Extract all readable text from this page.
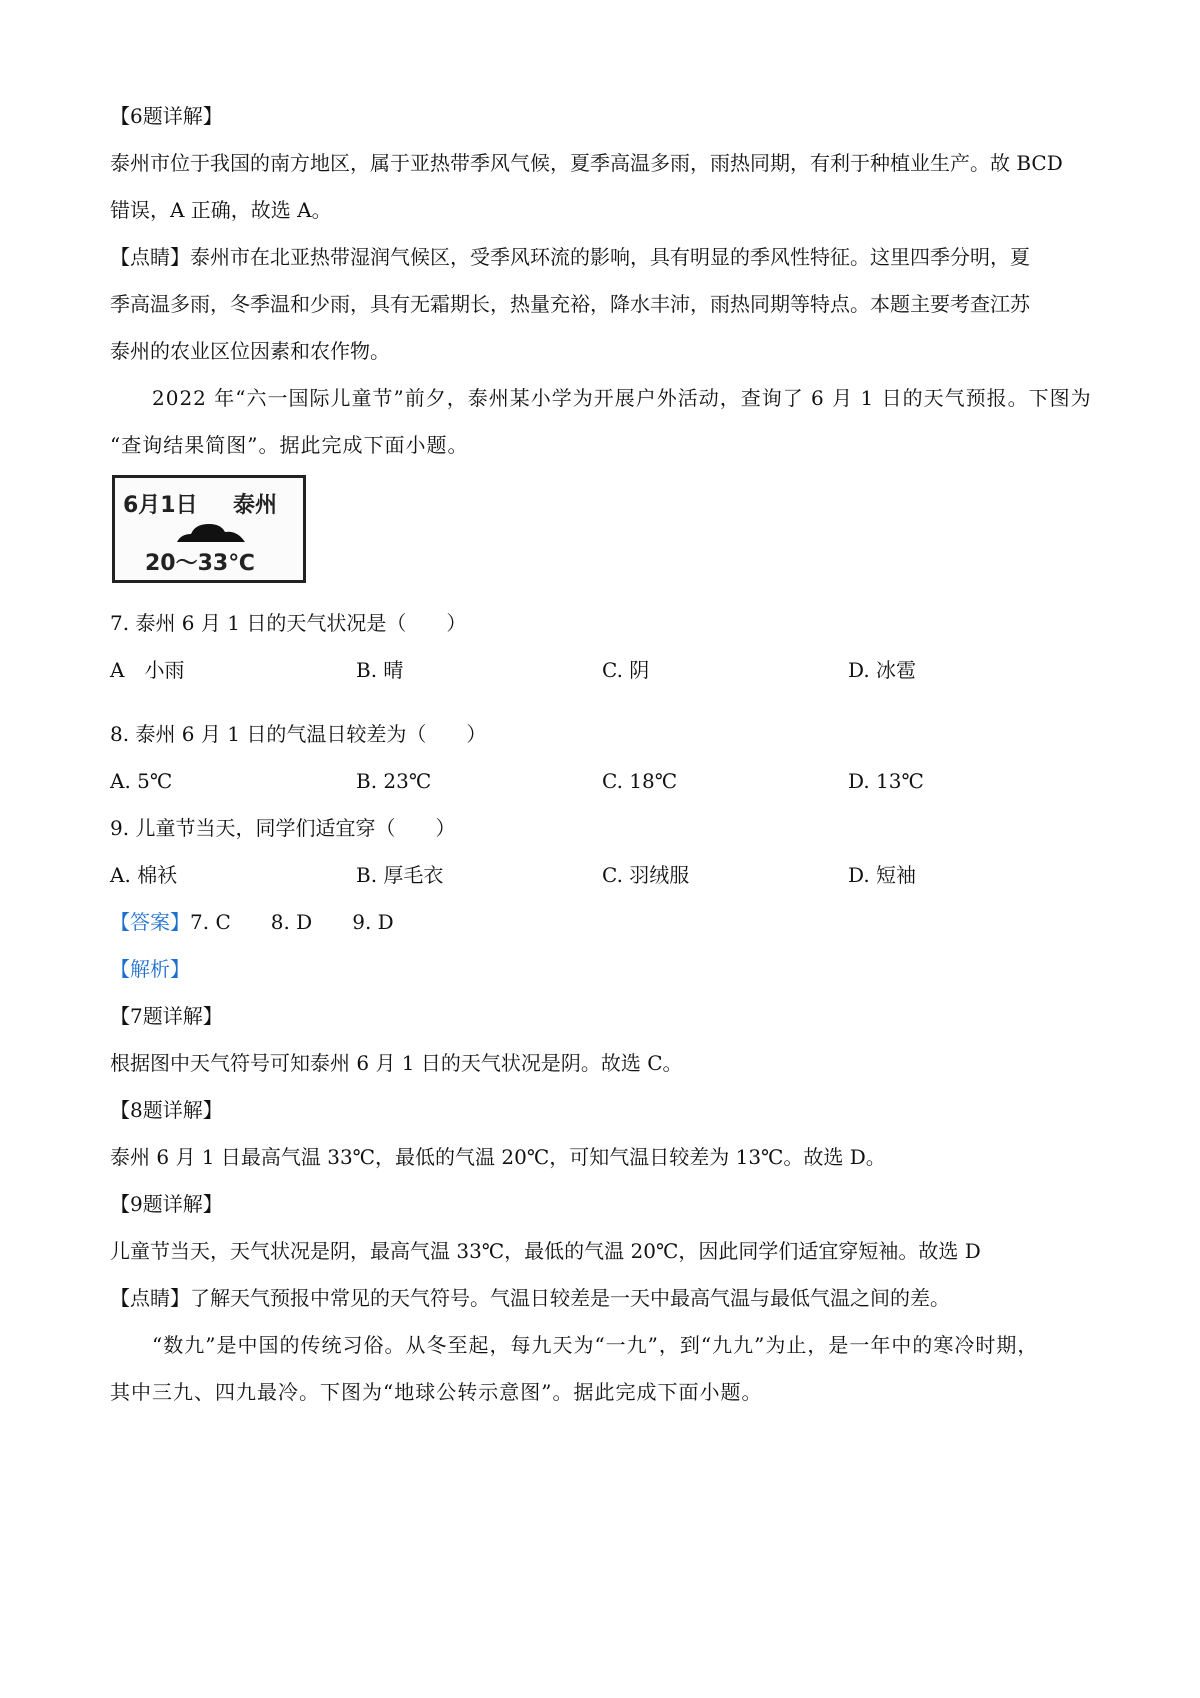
【6题详解】
泰州市位于我国的南方地区，属于亚热带季风气候，夏季高温多雨，雨热同期，有利于种植业生产。故 BCD
错误，A 正确，故选 A。
【点睛】泰州市在北亚热带湿润气候区，受季风环流的影响，具有明显的季风性特征。这里四季分明，夏
季高温多雨，冬季温和少雨，具有无霜期长，热量充裕，降水丰沛，雨热同期等特点。本题主要考查江苏
泰州的农业区位因素和农作物。
2022 年“六一国际儿童节”前夕，泰州某小学为开展户外活动，查询了 6 月 1 日的天气预报。下图为
“查询结果简图”。据此完成下面小题。
6月1日 泰州
20～33℃
7. 泰州 6 月 1 日的天气状况是（　　）
A　小雨	B. 晴	C. 阴	D. 冰雹
8. 泰州 6 月 1 日的气温日较差为（　　）
A. 5℃	B. 23℃	C. 18℃	D. 13℃
9. 儿童节当天，同学们适宜穿（　　）
A. 棉袄	B. 厚毛衣	C. 羽绒服	D. 短袖
【答案】7. C　　8. D　　9. D
【解析】
【7题详解】
根据图中天气符号可知泰州 6 月 1 日的天气状况是阴。故选 C。
【8题详解】
泰州 6 月 1 日最高气温 33℃，最低的气温 20℃，可知气温日较差为 13℃。故选 D。
【9题详解】
儿童节当天，天气状况是阴，最高气温 33℃，最低的气温 20℃，因此同学们适宜穿短袖。故选 D
【点睛】了解天气预报中常见的天气符号。气温日较差是一天中最高气温与最低气温之间的差。
“数九”是中国的传统习俗。从冬至起，每九天为“一九”，到“九九”为止，是一年中的寒冷时期，
其中三九、四九最冷。下图为“地球公转示意图”。据此完成下面小题。
